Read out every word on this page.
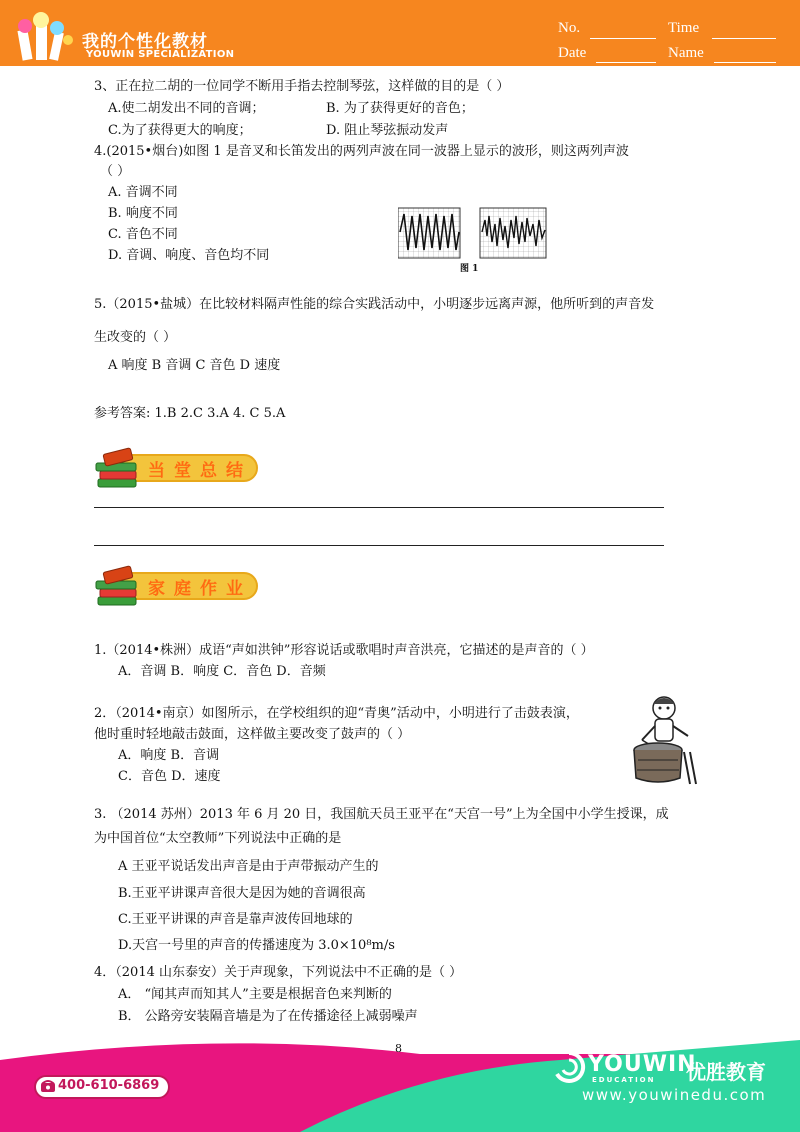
我的个性化教材
YOUWIN SPECIALIZATION
No.	Time
Date	Name
3、正在拉二胡的一位同学不断用手指去控制琴弦，这样做的目的是（ ）
A.使二胡发出不同的音调；	B. 为了获得更好的音色；
C.为了获得更大的响度；	D. 阻止琴弦振动发声
4.(2015•烟台)如图 1 是音叉和长笛发出的两列声波在同一波器上显示的波形，则这两列声波
（ ）
A. 音调不同
B. 响度不同
C. 音色不同
D. 音调、响度、音色均不同
图 1
5.（2015•盐城）在比较材料隔声性能的综合实践活动中，小明逐步远离声源，他所听到的声音发
生改变的（ ）
A 响度 B 音调 C 音色 D 速度
参考答案: 1.B 2.C 3.A 4. C 5.A
当堂总结
家庭作业
1.（2014•株洲）成语“声如洪钟”形容说话或歌唱时声音洪亮，它描述的是声音的（ ）
A．音调 B．响度 C．音色 D．音频
2．（2014•南京）如图所示，在学校组织的迎“青奥”活动中，小明进行了击鼓表演，
他时重时轻地敲击鼓面，这样做主要改变了鼓声的（ ）
A．响度 B．音调
C．音色 D．速度
3. （2014 苏州）2013 年 6 月 20 日，我国航天员王亚平在“天宫一号”上为全国中小学生授课，成
为中国首位“太空教师”下列说法中正确的是
A 王亚平说话发出声音是由于声带振动产生的
B.王亚平讲课声音很大是因为她的音调很高
C.王亚平讲课的声音是靠声波传回地球的
D.天宫一号里的声音的传播速度为 3.0×10⁸m/s
4．（2014 山东泰安）关于声现象，下列说法中不正确的是（ ）
A． “闻其声而知其人”主要是根据音色来判断的
B． 公路旁安装隔音墙是为了在传播途径上减弱噪声
8
400-610-6869
YOUWIN
EDUCATION 优胜教育
www.youwinedu.com
